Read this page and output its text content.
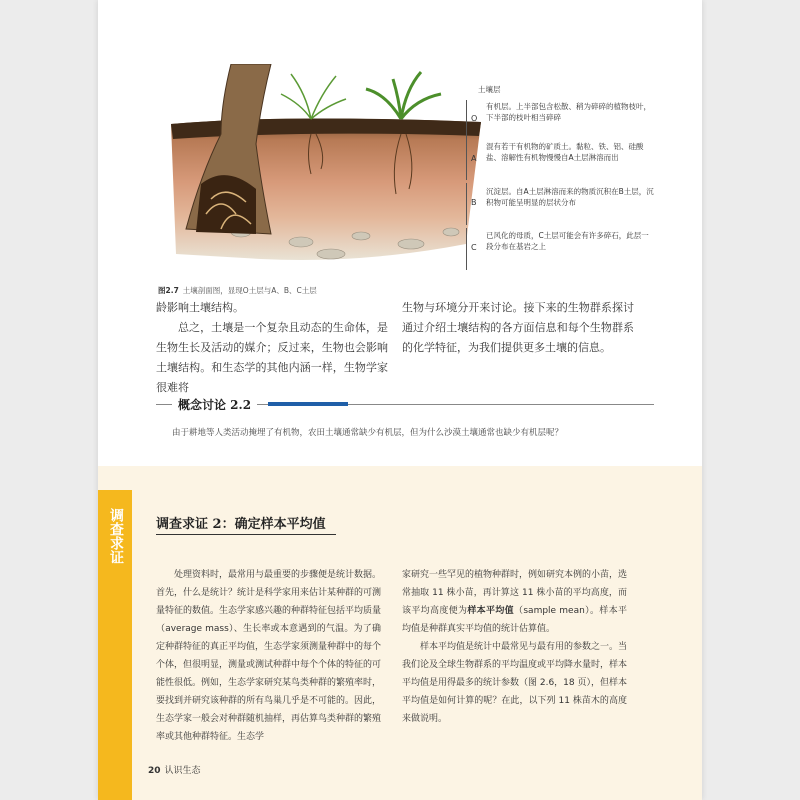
调查求证
土壤层
O
有机层。上半部包含松散、稍为碎碎的植物枝叶，下半部的枝叶相当碎碎
A
混有若干有机物的矿质土。黏粒、铁、铝、硅酸盐、溶解性有机物慢慢自A土层淋溶而出
B
沉淀层。自A土层淋溶而来的物质沉积在B土层，沉积物可能呈明显的层状分布
C
已风化的母质，C土层可能会有许多碎石，此层一段分布在基岩之上
图2.7 土壤剖面图，显现O土层与A、B、C土层

龄影响土壤结构。

总之，土壤是一个复杂且动态的生命体，是生物生长及活动的媒介；反过来，生物也会影响土壤结构。和生态学的其他内涵一样，生物学家很难将

生物与环境分开来讨论。接下来的生物群系探讨通过介绍土壤结构的各方面信息和每个生物群系的化学特征，为我们提供更多土壤的信息。

概念讨论 2.2
由于耕地等人类活动掩埋了有机物，农田土壤通常缺少有机层，但为什么沙漠土壤通常也缺少有机层呢？
调查求证 2：确定样本平均值

处理资料时，最常用与最重要的步骤便是统计数据。首先，什么是统计？统计是科学家用来估计某种群的可测量特征的数值。生态学家感兴趣的种群特征包括平均质量（average mass）、生长率或本意遇到的气温。为了确定种群特征的真正平均值，生态学家须测量种群中的每个个体，但很明显，测量或测试种群中每个个体的特征的可能性很低。例如，生态学家研究某鸟类种群的繁殖率时，要找到并研究该种群的所有鸟巢几乎是不可能的。因此，生态学家一般会对种群随机抽样，再估算鸟类种群的繁殖率或其他种群特征。生态学

家研究一些罕见的植物种群时，例如研究本例的小苗，选常抽取 11 株小苗，再计算这 11 株小苗的平均高度，而该平均高度便为样本平均值（sample mean）。样本平均值是种群真实平均值的统计估算值。

样本平均值是统计中最常见与最有用的参数之一。当我们论及全球生物群系的平均温度或平均降水量时，样本平均值是用得最多的统计参数（图 2.6，18 页），但样本平均值是如何计算的呢？在此，以下列 11 株苗木的高度来做说明。

20 认识生态
